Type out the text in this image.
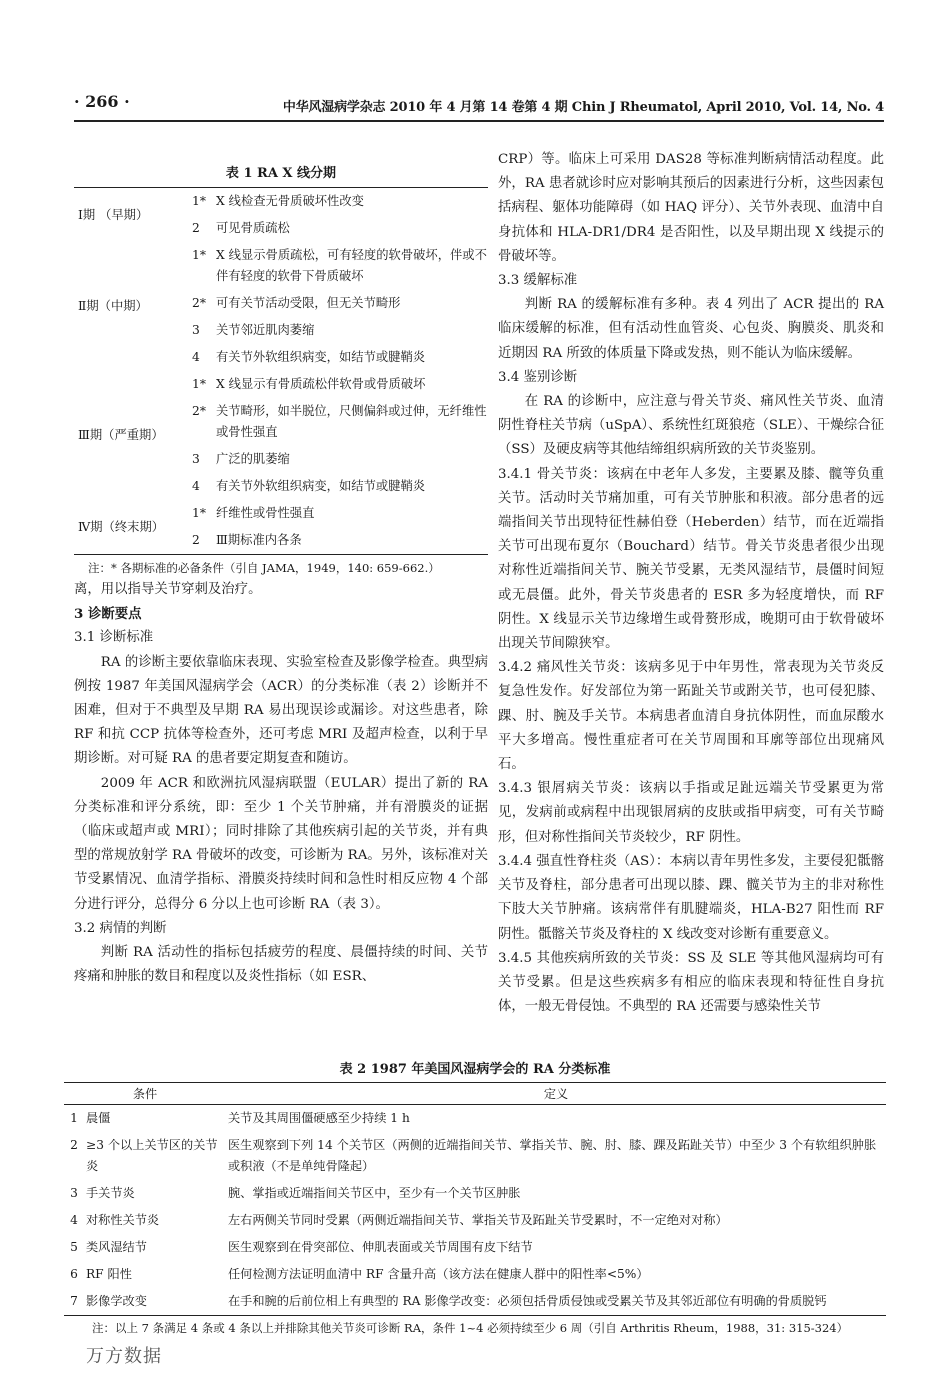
· 266 ·	中华风湿病学杂志 2010 年 4 月第 14 卷第 4 期 Chin J Rheumatol, April 2010, Vol. 14, No. 4
表 1 RA X 线分期
Ⅰ期 （早期）	1*	X 线检查无骨质破坏性改变
	2	可见骨质疏松
Ⅱ期（中期）	1*	X 线显示骨质疏松，可有轻度的软骨破坏，伴或不伴有轻度的软骨下骨质破坏
	2*	可有关节活动受限，但无关节畸形
	3	关节邻近肌肉萎缩
	4	有关节外软组织病变，如结节或腱鞘炎
Ⅲ期（严重期）	1*	X 线显示有骨质疏松伴软骨或骨质破坏
	2*	关节畸形，如半脱位，尺侧偏斜或过伸，无纤维性或骨性强直
	3	广泛的肌萎缩
	4	有关节外软组织病变，如结节或腱鞘炎
Ⅳ期（终末期）	1*	纤维性或骨性强直
	2	Ⅲ期标准内各条
注：* 各期标准的必备条件（引自 JAMA，1949，140: 659-662.）

离，用以指导关节穿刺及治疗。

3 诊断要点
3.1 诊断标准

RA 的诊断主要依靠临床表现、实验室检查及影像学检查。典型病例按 1987 年美国风湿病学会（ACR）的分类标准（表 2）诊断并不困难，但对于不典型及早期 RA 易出现误诊或漏诊。对这些患者，除 RF 和抗 CCP 抗体等检查外，还可考虑 MRI 及超声检查，以利于早期诊断。对可疑 RA 的患者要定期复查和随访。

2009 年 ACR 和欧洲抗风湿病联盟（EULAR）提出了新的 RA 分类标准和评分系统，即：至少 1 个关节肿痛，并有滑膜炎的证据（临床或超声或 MRI）；同时排除了其他疾病引起的关节炎，并有典型的常规放射学 RA 骨破坏的改变，可诊断为 RA。另外，该标准对关节受累情况、血清学指标、滑膜炎持续时间和急性时相反应物 4 个部分进行评分，总得分 6 分以上也可诊断 RA（表 3）。

3.2 病情的判断

判断 RA 活动性的指标包括疲劳的程度、晨僵持续的时间、关节疼痛和肿胀的数目和程度以及炎性指标（如 ESR、

CRP）等。临床上可采用 DAS28 等标准判断病情活动程度。此外，RA 患者就诊时应对影响其预后的因素进行分析，这些因素包括病程、躯体功能障碍（如 HAQ 评分）、关节外表现、血清中自身抗体和 HLA-DR1/DR4 是否阳性，以及早期出现 X 线提示的骨破坏等。

3.3 缓解标准

判断 RA 的缓解标准有多种。表 4 列出了 ACR 提出的 RA 临床缓解的标准，但有活动性血管炎、心包炎、胸膜炎、肌炎和近期因 RA 所致的体质量下降或发热，则不能认为临床缓解。

3.4 鉴别诊断

在 RA 的诊断中，应注意与骨关节炎、痛风性关节炎、血清阴性脊柱关节病（uSpA）、系统性红斑狼疮（SLE）、干燥综合征（SS）及硬皮病等其他结缔组织病所致的关节炎鉴别。

3.4.1 骨关节炎：该病在中老年人多发，主要累及膝、髋等负重关节。活动时关节痛加重，可有关节肿胀和积液。部分患者的远端指间关节出现特征性赫伯登（Heberden）结节，而在近端指关节可出现布夏尔（Bouchard）结节。骨关节炎患者很少出现对称性近端指间关节、腕关节受累，无类风湿结节，晨僵时间短或无晨僵。此外，骨关节炎患者的 ESR 多为轻度增快，而 RF 阴性。X 线显示关节边缘增生或骨赘形成，晚期可由于软骨破坏出现关节间隙狭窄。

3.4.2 痛风性关节炎：该病多见于中年男性，常表现为关节炎反复急性发作。好发部位为第一跖趾关节或跗关节，也可侵犯膝、踝、肘、腕及手关节。本病患者血清自身抗体阴性，而血尿酸水平大多增高。慢性重症者可在关节周围和耳廓等部位出现痛风石。

3.4.3 银屑病关节炎：该病以手指或足趾远端关节受累更为常见，发病前或病程中出现银屑病的皮肤或指甲病变，可有关节畸形，但对称性指间关节炎较少，RF 阴性。

3.4.4 强直性脊柱炎（AS）：本病以青年男性多发，主要侵犯骶髂关节及脊柱，部分患者可出现以膝、踝、髋关节为主的非对称性下肢大关节肿痛。该病常伴有肌腱端炎，HLA-B27 阳性而 RF 阴性。骶髂关节炎及脊柱的 X 线改变对诊断有重要意义。

3.4.5 其他疾病所致的关节炎：SS 及 SLE 等其他风湿病均可有关节受累。但是这些疾病多有相应的临床表现和特征性自身抗体，一般无骨侵蚀。不典型的 RA 还需要与感染性关节

表 2 1987 年美国风湿病学会的 RA 分类标准
条件		定义
1	晨僵	关节及其周围僵硬感至少持续 1 h
2	≥3 个以上关节区的关节炎	医生观察到下列 14 个关节区（两侧的近端指间关节、掌指关节、腕、肘、膝、踝及跖趾关节）中至少 3 个有软组织肿胀或积液（不是单纯骨隆起）
3	手关节炎	腕、掌指或近端指间关节区中，至少有一个关节区肿胀
4	对称性关节炎	左右两侧关节同时受累（两侧近端指间关节、掌指关节及跖趾关节受累时，不一定绝对对称）
5	类风湿结节	医生观察到在骨突部位、伸肌表面或关节周围有皮下结节
6	RF 阳性	任何检测方法证明血清中 RF 含量升高（该方法在健康人群中的阳性率<5%）
7	影像学改变	在手和腕的后前位相上有典型的 RA 影像学改变：必须包括骨质侵蚀或受累关节及其邻近部位有明确的骨质脱钙
注：以上 7 条满足 4 条或 4 条以上并排除其他关节炎可诊断 RA，条件 1~4 必须持续至少 6 周（引自 Arthritis Rheum，1988，31: 315-324）
万方数据
